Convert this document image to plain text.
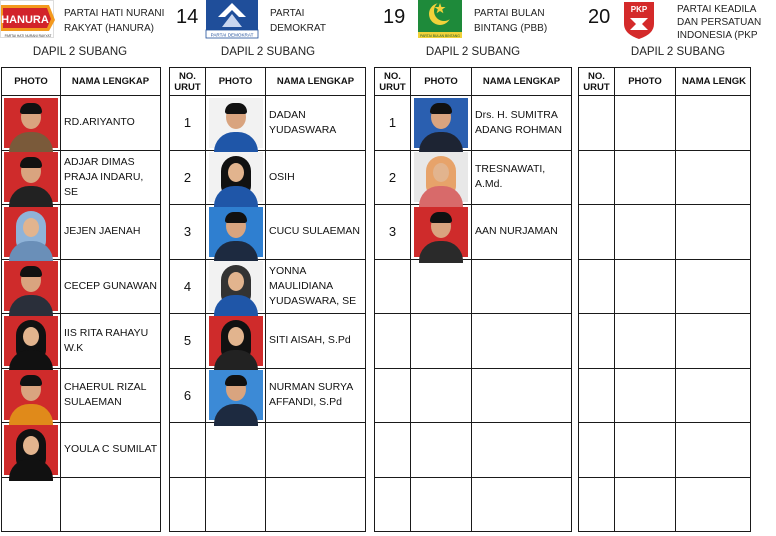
HANURA
PARTAI HATI NURANI RAKYAT
PARTAI HATI NURANI
RAKYAT (HANURA)
DAPIL 2 SUBANG
14
PARTAI DEMOKRAT
PARTAI
DEMOKRAT
DAPIL 2 SUBANG
19
PARTAI BULAN BINTANG
PARTAI BULAN
BINTANG (PBB)
DAPIL 2 SUBANG
20	PKP	PARTAI KEADILA
DAN PERSATUAN
INDONESIA (PKP
DAPIL 2 SUBANG
PHOTO	NAMA LENGKAP

	RD.ARIYANTO

	ADJAR DIMAS PRAJA INDARU, SE

	JEJEN JAENAH

	CECEP GUNAWAN

	IIS RITA RAHAYU W.K

	CHAERUL RIZAL SULAEMAN

	YOULA C SUMILAT

NO. URUT	PHOTO	NAMA LENGKAP
1		DADAN YUDASWARA
2		OSIH
3		CUCU SULAEMAN
4		YONNA MAULIDIANA YUDASWARA, SE
5		SITI AISAH, S.Pd
6		NURMAN SURYA AFFANDI, S.Pd

NO. URUT	PHOTO	NAMA LENGKAP
1		Drs. H. SUMITRA ADANG ROHMAN
2		TRESNAWATI, A.Md.
3		AAN NURJAMAN

NO. URUT	PHOTO	NAMA LENGK
